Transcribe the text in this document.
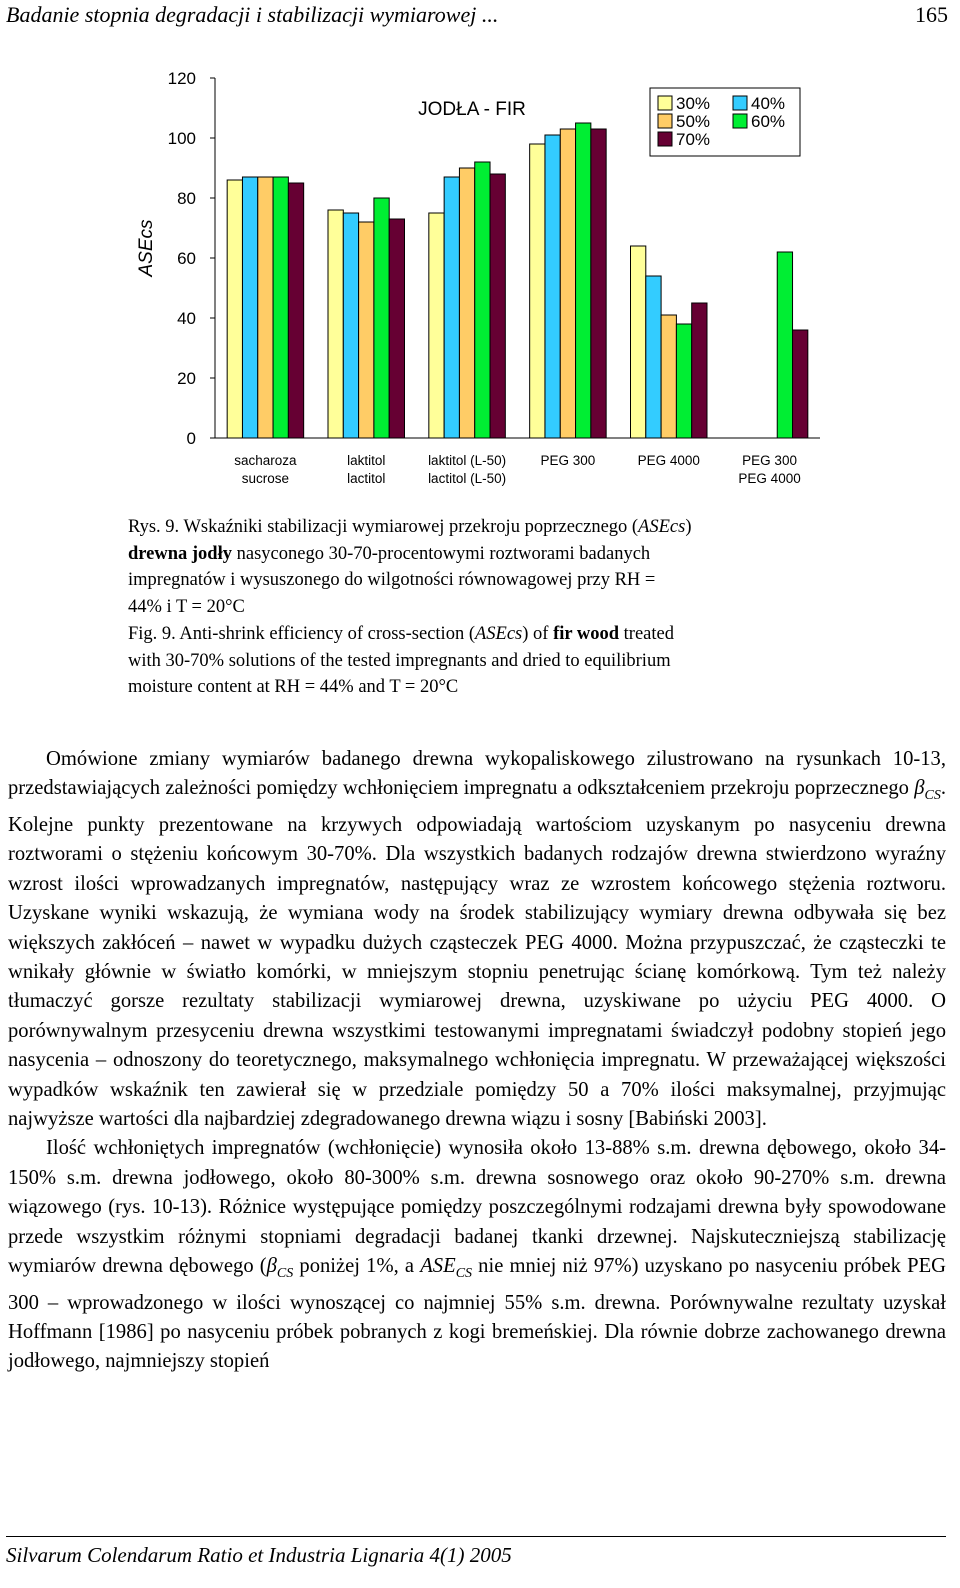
Badanie stopnia degradacji i stabilizacji wymiarowej ...	165
0
20
40
60
80
100
120
ASEcs
JODŁA - FIR
sacharoza
sucrose
laktitol
lactitol
laktitol (L-50)
lactitol (L-50)
PEG 300	PEG 4000	PEG 300
PEG 4000
30% 40%
50% 60%
70%
Rys. 9. Wskaźniki stabilizacji wymiarowej przekroju poprzecznego (ASEcs)
drewna jodły nasyconego 30-70-procentowymi roztworami badanych
impregnatów i wysuszonego do wilgotności równowagowej przy RH =
44% i T = 20°C
Fig. 9. Anti-shrink efficiency of cross-section (ASEcs) of fir wood treated
with 30-70% solutions of the tested impregnants and dried to equilibrium
moisture content at RH = 44% and T = 20°C

Omówione zmiany wymiarów badanego drewna wykopaliskowego zilustrowano na rysunkach 10-13, przedstawiających zależności pomiędzy wchłonięciem impregnatu a odkształceniem przekroju poprzecznego $\beta_{CS}$. Kolejne punkty prezentowane na krzywych odpowiadają wartościom uzyskanym po nasyceniu drewna roztworami o stężeniu końcowym 30-70%. Dla wszystkich badanych rodzajów drewna stwierdzono wyraźny wzrost ilości wprowadzanych impregnatów, następujący wraz ze wzrostem końcowego stężenia roztworu. Uzyskane wyniki wskazują, że wymiana wody na środek stabilizujący wymiary drewna odbywała się bez większych zakłóceń – nawet w wypadku dużych cząsteczek PEG 4000. Można przypuszczać, że cząsteczki te wnikały głównie w światło komórki, w mniejszym stopniu penetrując ścianę komórkową. Tym też należy tłumaczyć gorsze rezultaty stabilizacji wymiarowej drewna, uzyskiwane po użyciu PEG 4000. O porównywalnym przesyceniu drewna wszystkimi testowanymi impregnatami świadczył podobny stopień jego nasycenia – odnoszony do teoretycznego, maksymalnego wchłonięcia impregnatu. W przeważającej większości wypadków wskaźnik ten zawierał się w przedziale pomiędzy 50 a 70% ilości maksymalnej, przyjmując najwyższe wartości dla najbardziej zdegradowanego drewna wiązu i sosny [Babiński 2003].

Ilość wchłoniętych impregnatów (wchłonięcie) wynosiła około 13-88% s.m. drewna dębowego, około 34-150% s.m. drewna jodłowego, około 80-300% s.m. drewna sosnowego oraz około 90-270% s.m. drewna wiązowego (rys. 10-13). Różnice występujące pomiędzy poszczególnymi rodzajami drewna były spowodowane przede wszystkim różnymi stopniami degradacji badanej tkanki drzewnej. Najskuteczniejszą stabilizację wymiarów drewna dębowego ($\beta_{CS}$ poniżej 1%, a $ASE_{CS}$ nie mniej niż 97%) uzyskano po nasyceniu próbek PEG 300 – wprowadzonego w ilości wynoszącej co najmniej 55% s.m. drewna. Porównywalne rezultaty uzyskał Hoffmann [1986] po nasyceniu próbek pobranych z kogi bremeńskiej. Dla równie dobrze zachowanego drewna jodłowego, najmniejszy stopień

Silvarum Colendarum Ratio et Industria Lignaria 4(1) 2005
